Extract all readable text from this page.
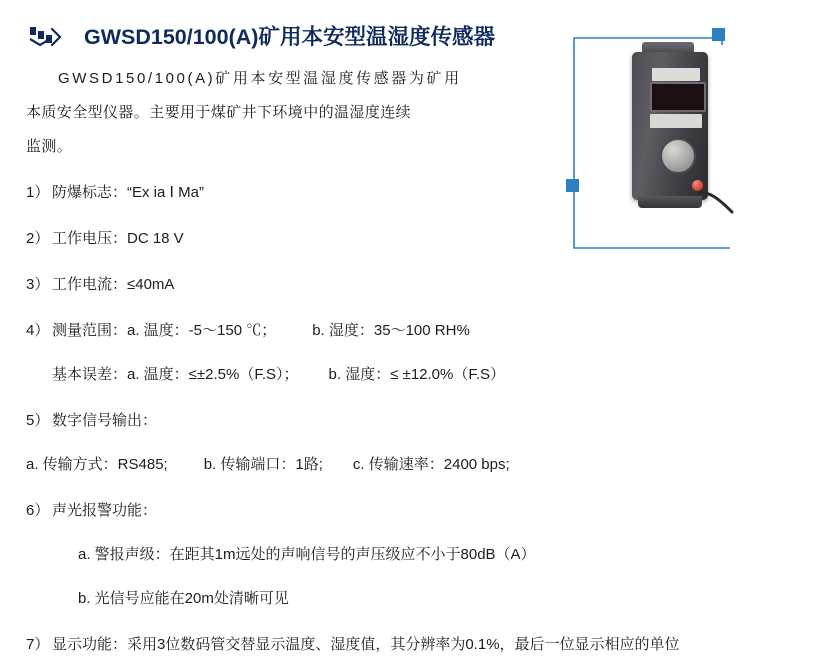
GWSD150/100(A)矿用本安型温湿度传感器
GWSD150/100(A)矿用本安型温湿度传感器为矿用
本质安全型仪器。主要用于煤矿井下环境中的温湿度连续
监测。
1） 防爆标志：“Ex ia Ⅰ Ma”
2） 工作电压：DC 18 V
3） 工作电流：≤40mA
4） 测量范围：a. 温度：-5～150 ℃； b. 湿度：35～100 RH%
基本误差：a. 温度：≤±2.5%（F.S）； b. 湿度：≤ ±12.0%（F.S）
5） 数字信号输出：
a. 传输方式：RS485; b. 传输端口：1路; c. 传输速率：2400 bps;
6） 声光报警功能：
a. 警报声级：在距其1m远处的声响信号的声压级应不小于80dB（A）
b. 光信号应能在20m处清晰可见
7） 显示功能：采用3位数码管交替显示温度、湿度值，其分辨率为0.1%，最后一位显示相应的单位
